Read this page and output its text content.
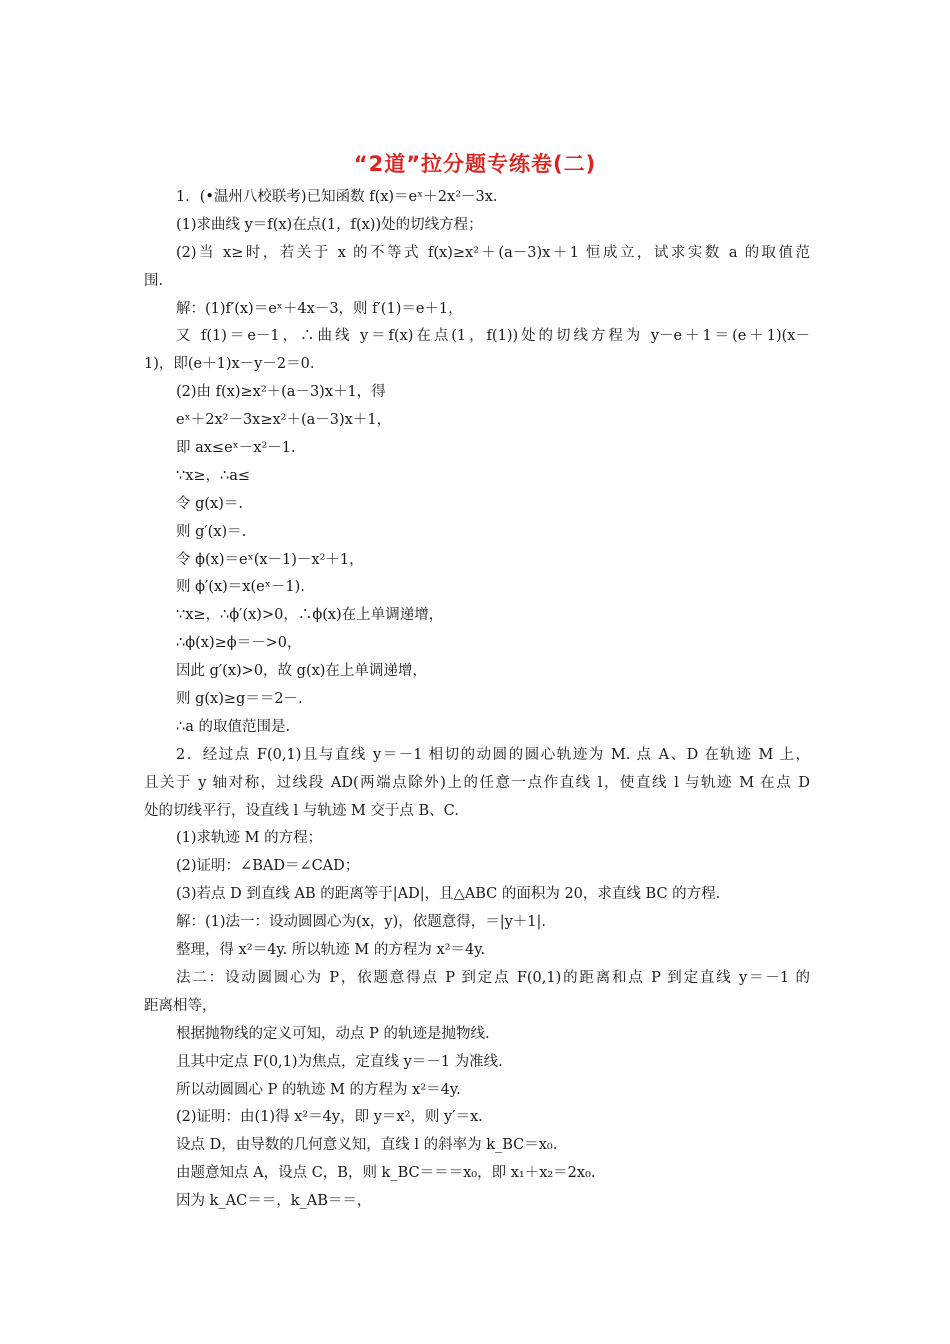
“2道”拉分题专练卷(二)
1．(•温州八校联考)已知函数 f(x)＝eˣ＋2x²－3x.
(1)求曲线 y＝f(x)在点(1，f(x))处的切线方程；
(2)当 x≥时，若关于 x 的不等式 f(x)≥x²＋(a－3)x＋1 恒成立，试求实数 a 的取值范
围.
解：(1)f′(x)＝eˣ＋4x－3，则 f′(1)＝e＋1，
又 f(1)＝e－1，∴曲线 y＝f(x)在点(1，f(1))处的切线方程为 y－e＋1＝(e＋1)(x－
1)，即(e＋1)x－y－2＝0.
(2)由 f(x)≥x²＋(a－3)x＋1，得
eˣ＋2x²－3x≥x²＋(a－3)x＋1，
即 ax≤eˣ－x²－1.
∵x≥，∴a≤
令 g(x)＝.
则 g′(x)＝.
令 ϕ(x)＝eˣ(x－1)－x²＋1，
则 ϕ′(x)＝x(eˣ－1).
∵x≥，∴ϕ′(x)>0，∴ϕ(x)在上单调递增，
∴ϕ(x)≥ϕ＝－>0，
因此 g′(x)>0，故 g(x)在上单调递增，
则 g(x)≥g＝＝2－.
∴a 的取值范围是.
2．经过点 F(0,1)且与直线 y＝－1 相切的动圆的圆心轨迹为 M. 点 A、D 在轨迹 M 上，
且关于 y 轴对称，过线段 AD(两端点除外)上的任意一点作直线 l，使直线 l 与轨迹 M 在点 D
处的切线平行，设直线 l 与轨迹 M 交于点 B、C.
(1)求轨迹 M 的方程；
(2)证明：∠BAD＝∠CAD；
(3)若点 D 到直线 AB 的距离等于|AD|，且△ABC 的面积为 20，求直线 BC 的方程.
解：(1)法一：设动圆圆心为(x，y)，依题意得，＝|y＋1|.
整理，得 x²＝4y. 所以轨迹 M 的方程为 x²＝4y.
法二：设动圆圆心为 P，依题意得点 P 到定点 F(0,1)的距离和点 P 到定直线 y＝－1 的
距离相等，
根据抛物线的定义可知，动点 P 的轨迹是抛物线.
且其中定点 F(0,1)为焦点，定直线 y＝－1 为准线.
所以动圆圆心 P 的轨迹 M 的方程为 x²＝4y.
(2)证明：由(1)得 x²＝4y，即 y＝x²，则 y′＝x.
设点 D，由导数的几何意义知，直线 l 的斜率为 k_BC＝x₀.
由题意知点 A，设点 C，B，则 k_BC＝＝＝x₀，即 x₁＋x₂＝2x₀.
因为 k_AC＝＝，k_AB＝＝，
